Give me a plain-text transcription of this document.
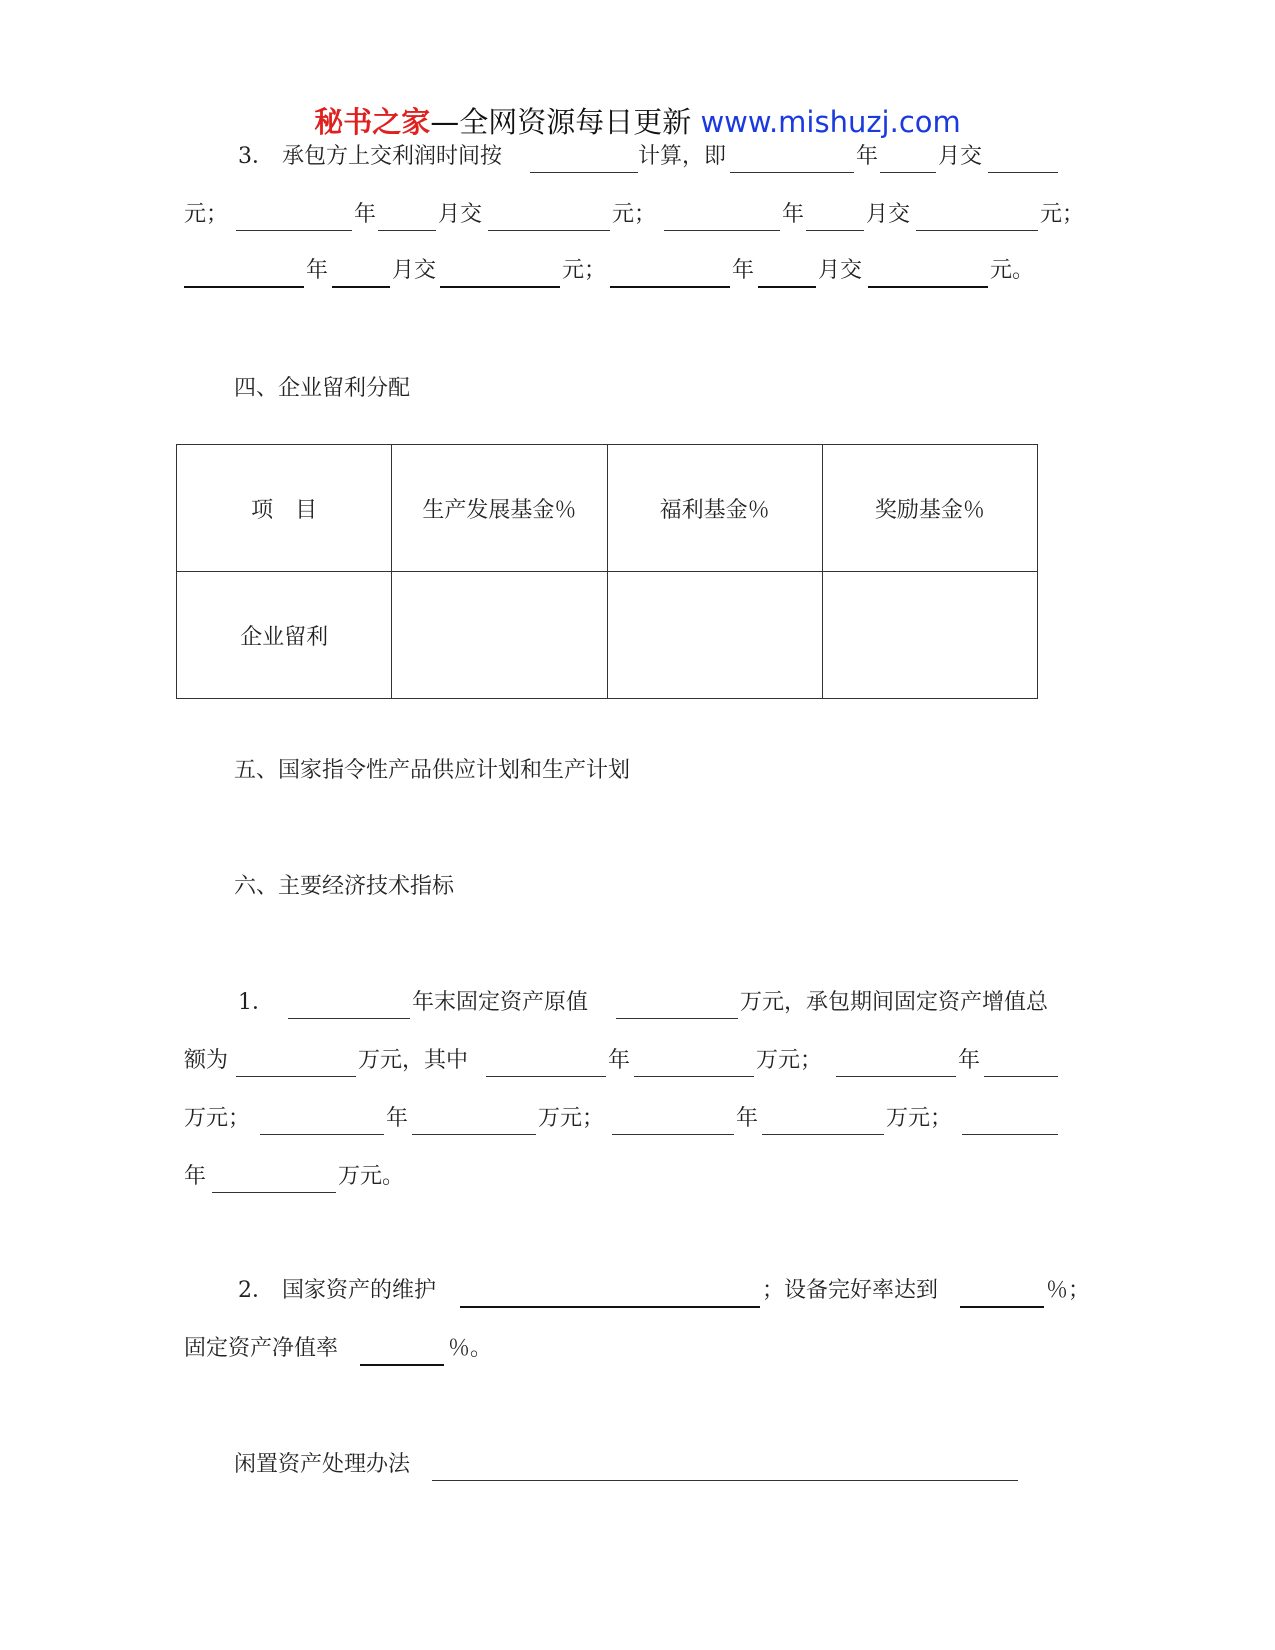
秘书之家—全网资源每日更新 www.mishuzj.com
3． 承包方上交利润时间按	计算，即	年	月交
元；	年	月交	元；	年	月交	元；
年	月交	元；	年	月交	元。
四、企业留利分配
项　目	生产发展基金％	福利基金％	奖励基金％
企业留利			
五、国家指令性产品供应计划和生产计划
六、主要经济技术指标
1．	年末固定资产原值	万元，承包期间固定资产增值总
额为	万元，其中	年	万元；	年
万元；	年	万元；	年	万元；
年	万元。
2． 国家资产的维护	；设备完好率达到	％；
固定资产净值率	％。
闲置资产处理办法
